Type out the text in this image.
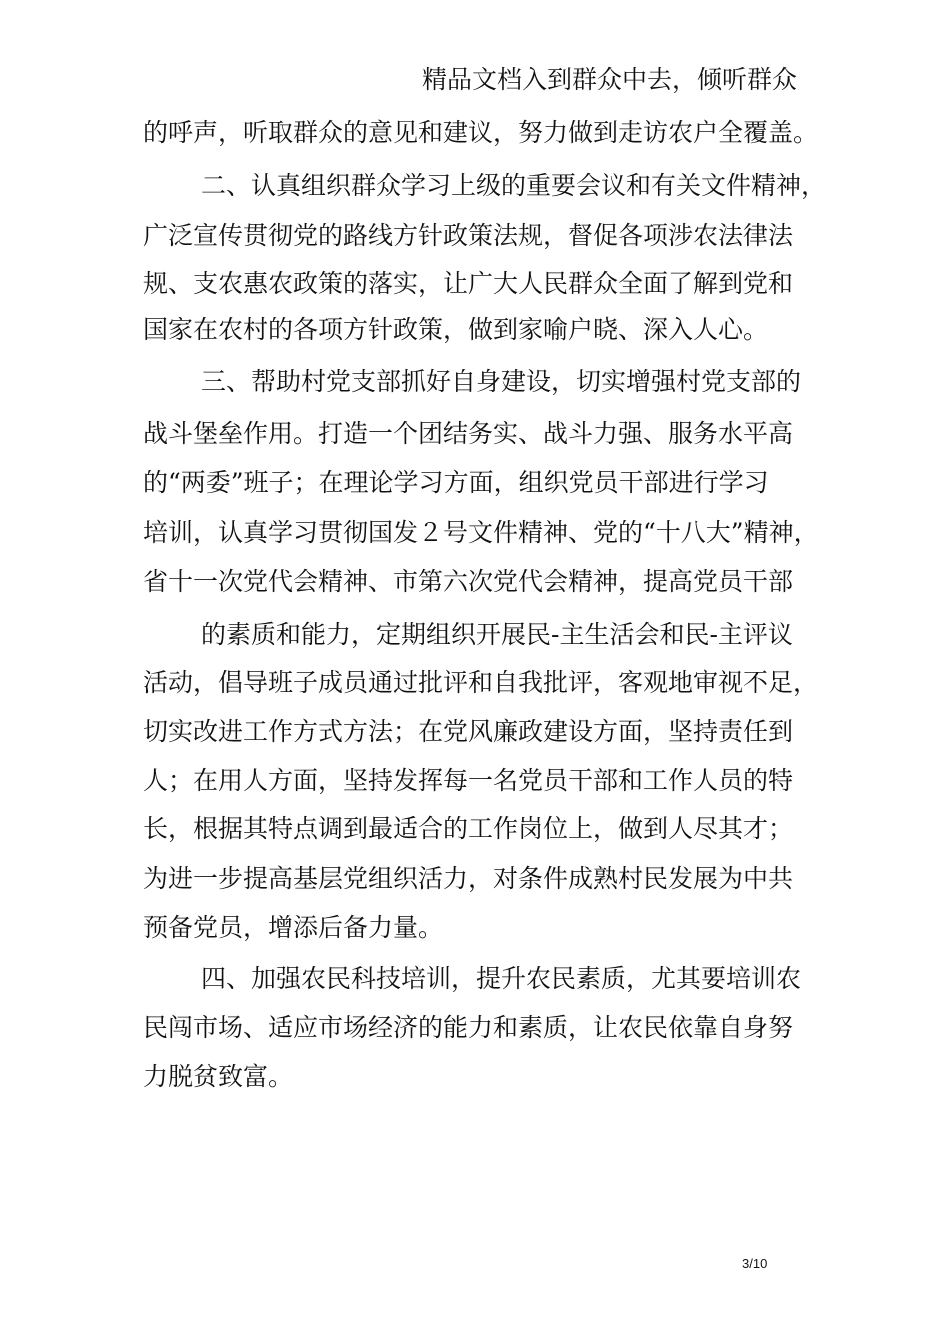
精品文档入到群众中去，倾听群众
的呼声，听取群众的意见和建议，努力做到走访农户全覆盖。
二、认真组织群众学习上级的重要会议和有关文件精神，
广泛宣传贯彻党的路线方针政策法规，督促各项涉农法律法
规、支农惠农政策的落实，让广大人民群众全面了解到党和
国家在农村的各项方针政策，做到家喻户晓、深入人心。
三、帮助村党支部抓好自身建设，切实增强村党支部的
战斗堡垒作用。打造一个团结务实、战斗力强、服务水平高
的“两委”班子；在理论学习方面，组织党员干部进行学习
培训，认真学习贯彻国发２号文件精神、党的“十八大”精神，
省十一次党代会精神、市第六次党代会精神，提高党员干部
的素质和能力，定期组织开展民-主生活会和民-主评议
活动，倡导班子成员通过批评和自我批评，客观地审视不足，
切实改进工作方式方法；在党风廉政建设方面，坚持责任到
人；在用人方面，坚持发挥每一名党员干部和工作人员的特
长，根据其特点调到最适合的工作岗位上，做到人尽其才；
为进一步提高基层党组织活力，对条件成熟村民发展为中共
预备党员，增添后备力量。
四、加强农民科技培训，提升农民素质，尤其要培训农
民闯市场、适应市场经济的能力和素质，让农民依靠自身努
力脱贫致富。
3/10
